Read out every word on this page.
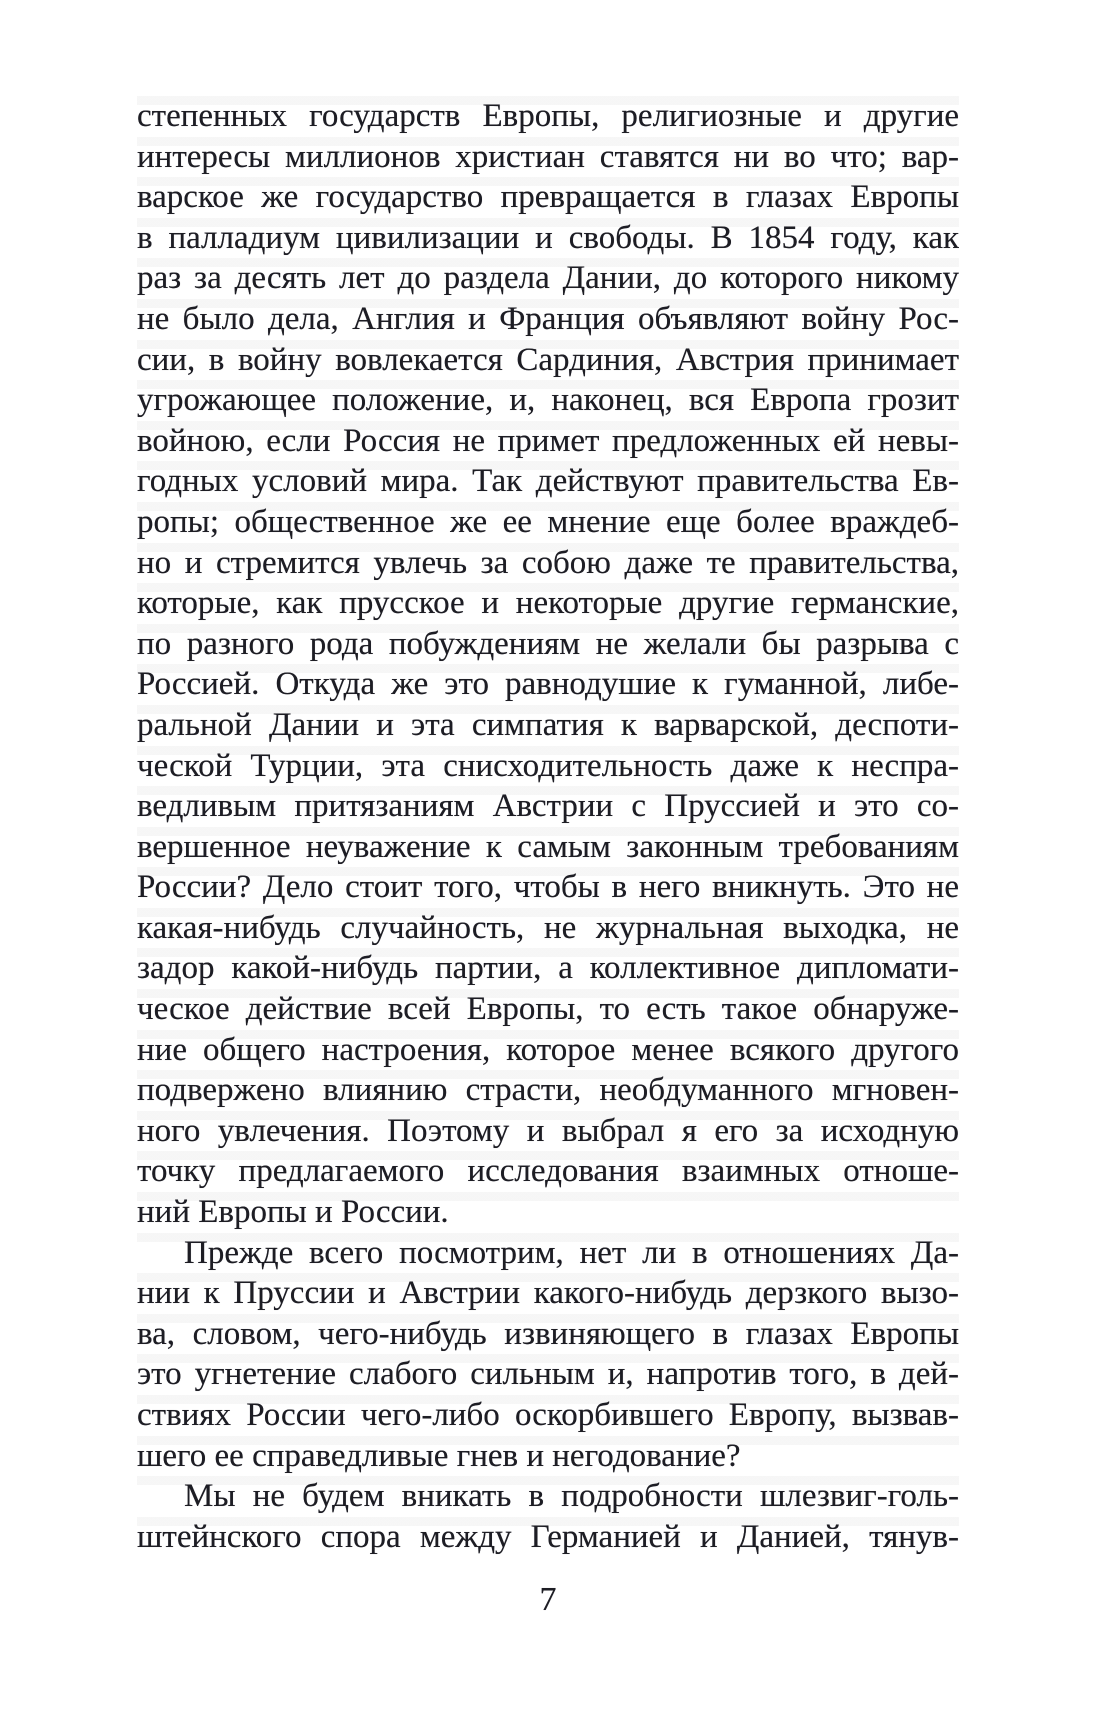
степенных государств Европы, религиозные и другие
интересы миллионов христиан ставятся ни во что; вар-
варское же государство превращается в глазах Европы
в палладиум цивилизации и свободы. В 1854 году, как
раз за десять лет до раздела Дании, до которого никому
не было дела, Англия и Франция объявляют войну Рос-
сии, в войну вовлекается Сардиния, Австрия принимает
угрожающее положение, и, наконец, вся Европа грозит
войною, если Россия не примет предложенных ей невы-
годных условий мира. Так действуют правительства Ев-
ропы; общественное же ее мнение еще более враждеб-
но и стремится увлечь за собою даже те правительства,
которые, как прусское и некоторые другие германские,
по разного рода побуждениям не желали бы разрыва с
Россией. Откуда же это равнодушие к гуманной, либе-
ральной Дании и эта симпатия к варварской, деспоти-
ческой Турции, эта снисходительность даже к неспра-
ведливым притязаниям Австрии с Пруссией и это со-
вершенное неуважение к самым законным требованиям
России? Дело стоит того, чтобы в него вникнуть. Это не
какая-нибудь случайность, не журнальная выходка, не
задор какой-нибудь партии, а коллективное дипломати-
ческое действие всей Европы, то есть такое обнаруже-
ние общего настроения, которое менее всякого другого
подвержено влиянию страсти, необдуманного мгновен-
ного увлечения. Поэтому и выбрал я его за исходную
точку предлагаемого исследования взаимных отноше-
ний Европы и России.
Прежде всего посмотрим, нет ли в отношениях Да-
нии к Пруссии и Австрии какого-нибудь дерзкого вызо-
ва, словом, чего-нибудь извиняющего в глазах Европы
это угнетение слабого сильным и, напротив того, в дей-
ствиях России чего-либо оскорбившего Европу, вызвав-
шего ее справедливые гнев и негодование?
Мы не будем вникать в подробности шлезвиг-голь-
штейнского спора между Германией и Данией, тянув-
7
